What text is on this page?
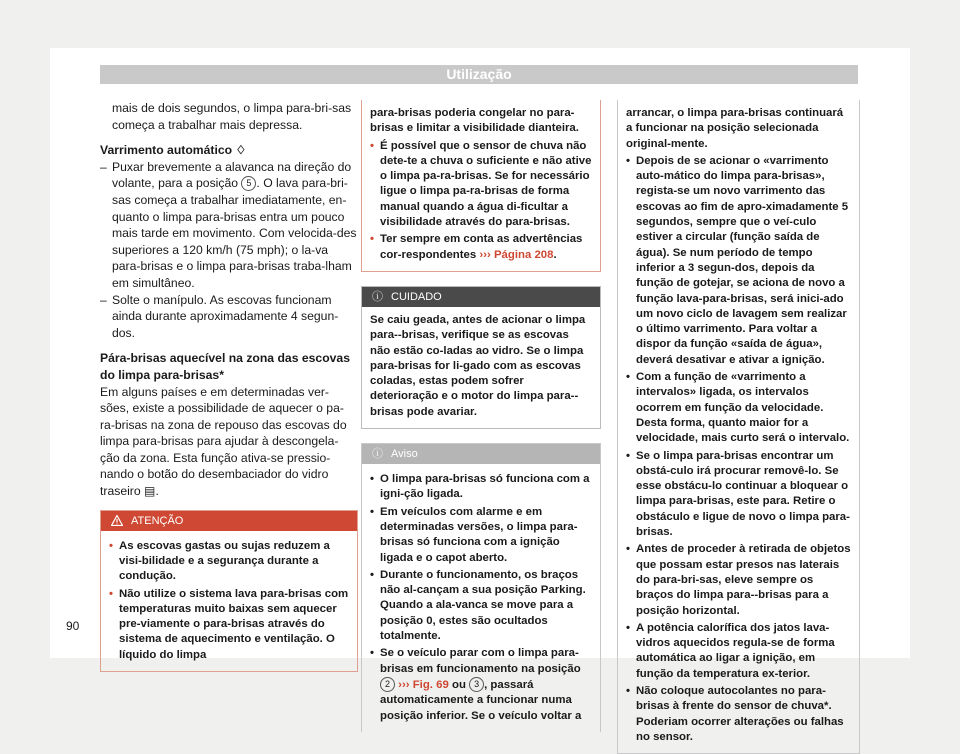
Utilização

mais de dois segundos, o limpa para-bri-sas começa a trabalhar mais depressa.

Varrimento automático ♢

– Puxar brevemente a alavanca na direção do volante, para a posição 5 . O lava para-bri-sas começa a trabalhar imediatamente, en-quanto o limpa para-brisas entra um pouco mais tarde em movimento. Com velocida-des superiores a 120 km/h (75 mph); o la-va para-brisas e o limpa para-brisas traba-lham em simultâneo.
– Solte o manípulo. As escovas funcionam ainda durante aproximadamente 4 segun-dos.

Pára-brisas aquecível na zona das escovas do limpa para-brisas*

Em alguns países e em determinadas ver-sões, existe a possibilidade de aquecer o pa-ra-brisas na zona de repouso das escovas do limpa para-brisas para ajudar à descongela-ção da zona. Esta função ativa-se pressio-nando o botão do desembaciador do vidro traseiro ▤.

ATENÇÃO
• As escovas gastas ou sujas reduzem a visi-bilidade e a segurança durante a condução.
• Não utilize o sistema lava para-brisas com temperaturas muito baixas sem aquecer pre-viamente o para-brisas através do sistema de aquecimento e ventilação. O líquido do limpa

para-brisas poderia congelar no para-brisas e limitar a visibilidade dianteira.

• É possível que o sensor de chuva não dete-te a chuva o suficiente e não ative o limpa pa-ra-brisas. Se for necessário ligue o limpa pa-ra-brisas de forma manual quando a água di-ficultar a visibilidade através do para-brisas.
• Ter sempre em conta as advertências cor-respondentes ››› Página 208.
ⓘ CUIDADO

Se caiu geada, antes de acionar o limpa para--brisas, verifique se as escovas não estão co-ladas ao vidro. Se o limpa para-brisas for li-gado com as escovas coladas, estas podem sofrer deterioração e o motor do limpa para--brisas pode avariar.

ⓘ Aviso
• O limpa para-brisas só funciona com a igni-ção ligada.
• Em veículos com alarme e em determinadas versões, o limpa para-brisas só funciona com a ignição ligada e o capot aberto.
• Durante o funcionamento, os braços não al-cançam a sua posição Parking. Quando a ala-vanca se move para a posição 0, estes são ocultados totalmente.
• Se o veículo parar com o limpa para-brisas em funcionamento na posição 2 ››› Fig. 69 ou 3 , passará automaticamente a funcionar numa posição inferior. Se o veículo voltar a

arrancar, o limpa para-brisas continuará a funcionar na posição selecionada original-mente.

• Depois de se acionar o «varrimento auto-mático do limpa para-brisas», regista-se um novo varrimento das escovas ao fim de apro-ximadamente 5 segundos, sempre que o veí-culo estiver a circular (função saída de água). Se num período de tempo inferior a 3 segun-dos, depois da função de gotejar, se aciona de novo a função lava-para-brisas, será inici-ado um novo ciclo de lavagem sem realizar o último varrimento. Para voltar a dispor da função «saída de água», deverá desativar e ativar a ignição.
• Com a função de «varrimento a intervalos» ligada, os intervalos ocorrem em função da velocidade. Desta forma, quanto maior for a velocidade, mais curto será o intervalo.
• Se o limpa para-brisas encontrar um obstá-culo irá procurar removê-lo. Se esse obstácu-lo continuar a bloquear o limpa para-brisas, este para. Retire o obstáculo e ligue de novo o limpa para-brisas.
• Antes de proceder à retirada de objetos que possam estar presos nas laterais do para-bri-sas, eleve sempre os braços do limpa para--brisas para a posição horizontal.
• A potência calorífica dos jatos lava-vidros aquecidos regula-se de forma automática ao ligar a ignição, em função da temperatura ex-terior.
• Não coloque autocolantes no para-brisas à frente do sensor de chuva*. Poderiam ocorrer alterações ou falhas no sensor.
90
